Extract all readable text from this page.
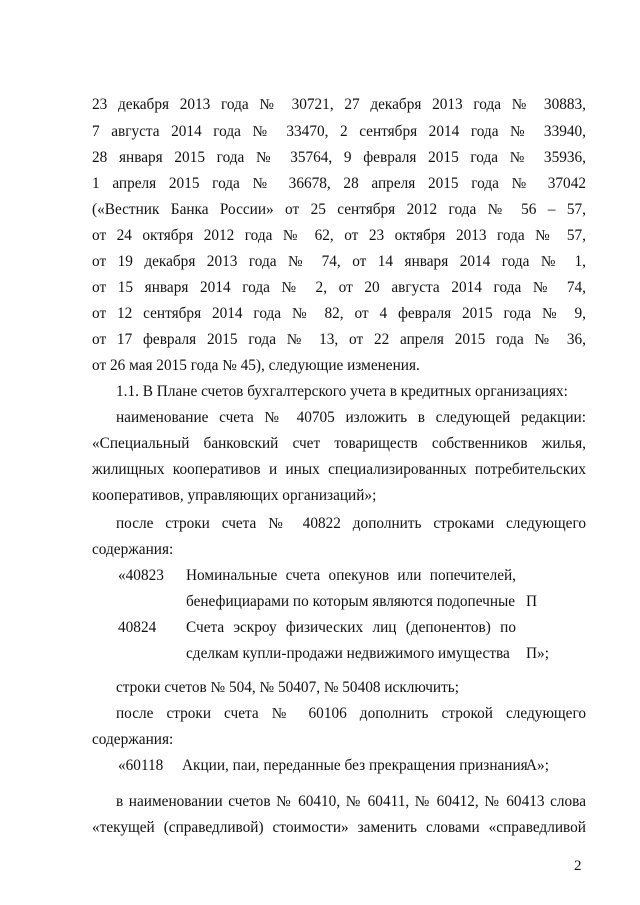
23 декабря 2013 года № 30721, 27 декабря 2013 года № 30883,
7 августа 2014 года № 33470, 2 сентября 2014 года № 33940,
28 января 2015 года № 35764, 9 февраля 2015 года № 35936,
1 апреля 2015 года № 36678, 28 апреля 2015 года № 37042
(«Вестник Банка России» от 25 сентября 2012 года № 56 – 57,
от 24 октября 2012 года № 62, от 23 октября 2013 года № 57,
от 19 декабря 2013 года № 74, от 14 января 2014 года № 1,
от 15 января 2014 года № 2, от 20 августа 2014 года № 74,
от 12 сентября 2014 года № 82, от 4 февраля 2015 года № 9,
от 17 февраля 2015 года № 13, от 22 апреля 2015 года № 36,
от 26 мая 2015 года № 45), следующие изменения.
1.1. В Плане счетов бухгалтерского учета в кредитных организациях:
наименование счета № 40705 изложить в следующей редакции:
«Специальный банковский счет товариществ собственников жилья,
жилищных кооперативов и иных специализированных потребительских
кооперативов, управляющих организаций»;
после строки счета № 40822 дополнить строками следующего
содержания:
«40823 Номинальные счета опекунов или попечителей,
бенефициарами по которым являются подопечные П
40824 Счета эскроу физических лиц (депонентов) по
сделкам купли-продажи недвижимого имущества П»;
строки счетов № 504, № 50407, № 50408 исключить;
после строки счета № 60106 дополнить строкой следующего
содержания:
«60118 Акции, паи, переданные без прекращения признания
А»;
в наименовании счетов № 60410, № 60411, № 60412, № 60413 слова
«текущей (справедливой) стоимости» заменить словами «справедливой
2
